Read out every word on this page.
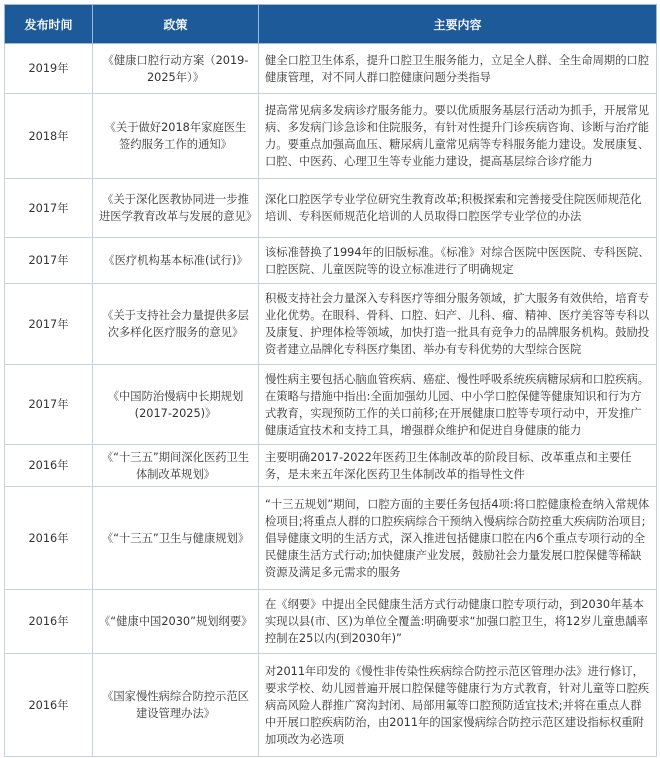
发布时间	政策	主要内容
2019年	《健康口腔行动方案（2019-2025年）》	健全口腔卫生体系，提升口腔卫生服务能力，立足全人群、全生命周期的口腔健康管理，对不同人群口腔健康问题分类指导
2018年	《关于做好2018年家庭医生签约服务工作的通知》	提高常见病多发病诊疗服务能力。要以优质服务基层行活动为抓手，开展常见病、多发病门诊急诊和住院服务，有针对性提升门诊疾病咨询、诊断与治疗能力。要重点加强高血压、糖尿病儿童常见病等专科服务能力建设。发展康复、口腔、中医药、心理卫生等专业能力建设，提高基层综合诊疗能力
2017年	《关于深化医教协同进一步推进医学教育改革与发展的意见》	深化口腔医学专业学位研究生教育改革;积极探索和完善接受住院医师规范化培训、专科医师规范化培训的人员取得口腔医学专业学位的办法
2017年	《医疗机构基本标准(试行)》	该标准替换了1994年的旧版标准。《标准》对综合医院中医医院、专科医院、口腔医院、儿童医院等的设立标准进行了明确规定
2017年	《关于支持社会力量提供多层次多样化医疗服务的意见》	积极支持社会力量深入专科医疗等细分服务领域，扩大服务有效供给，培育专业化优势。在眼科、骨科、口腔、妇产、儿科、瘤、精神、医疗美容等专科以及康复、护理体检等领域，加快打造一批具有竞争力的品牌服务机构。鼓励投资者建立品牌化专科医疗集团、举办有专科优势的大型综合医院
2017年	《中国防治慢病中长期规划(2017-2025)》	慢性病主要包括心脑血管疾病、癌症、慢性呼吸系统疾病糖尿病和口腔疾病。在策略与措施中指出:全面加强幼儿园、中小学口腔保健等健康知识和行为方式教育，实现预防工作的关口前移;在开展健康口腔等专项行动中，开发推广健康适宜技术和支持工具，增强群众维护和促进自身健康的能力
2016年	《“十三五”期间深化医药卫生体制改革规划》	主要明确2017-2022年医药卫生体制改革的阶段目标、改革重点和主要任务，是未来五年深化医药卫生体制改革的指导性文件
2016年	《“十三五”卫生与健康规划》	“十三五规划”期间，口腔方面的主要任务包括4项:将口腔健康检查纳入常规体检项目;将重点人群的口腔疾病综合干预纳入慢病综合防控重大疾病防治项目;倡导健康文明的生活方式，深入推进包括健康口腔在内6个重点专项行动的全民健康生活方式行动;加快健康产业发展，鼓励社会力量发展口腔保健等稀缺资源及满足多元需求的服务
2016年	《“健康中国2030”规划纲要》	在《纲要》中提出全民健康生活方式行动健康口腔专项行动，到2030年基本实现以县(市、区)为单位全覆盖:明确要求“加强口腔卫生，将12岁儿童患龋率控制在25以内(到2030年)”
2016年	《国家慢性病综合防控示范区建设管理办法》	对2011年印发的《慢性非传染性疾病综合防控示范区管理办法》进行修订，要求学校、幼儿园普遍开展口腔保健等健康行为方式教育，针对儿童等口腔疾病高风险人群推广窝沟封闭、局部用氟等口腔预防适宜技术;并将在重点人群中开展口腔疾病防治，由2011年的国家慢病综合防控示范区建设指标权重附加项改为必选项
